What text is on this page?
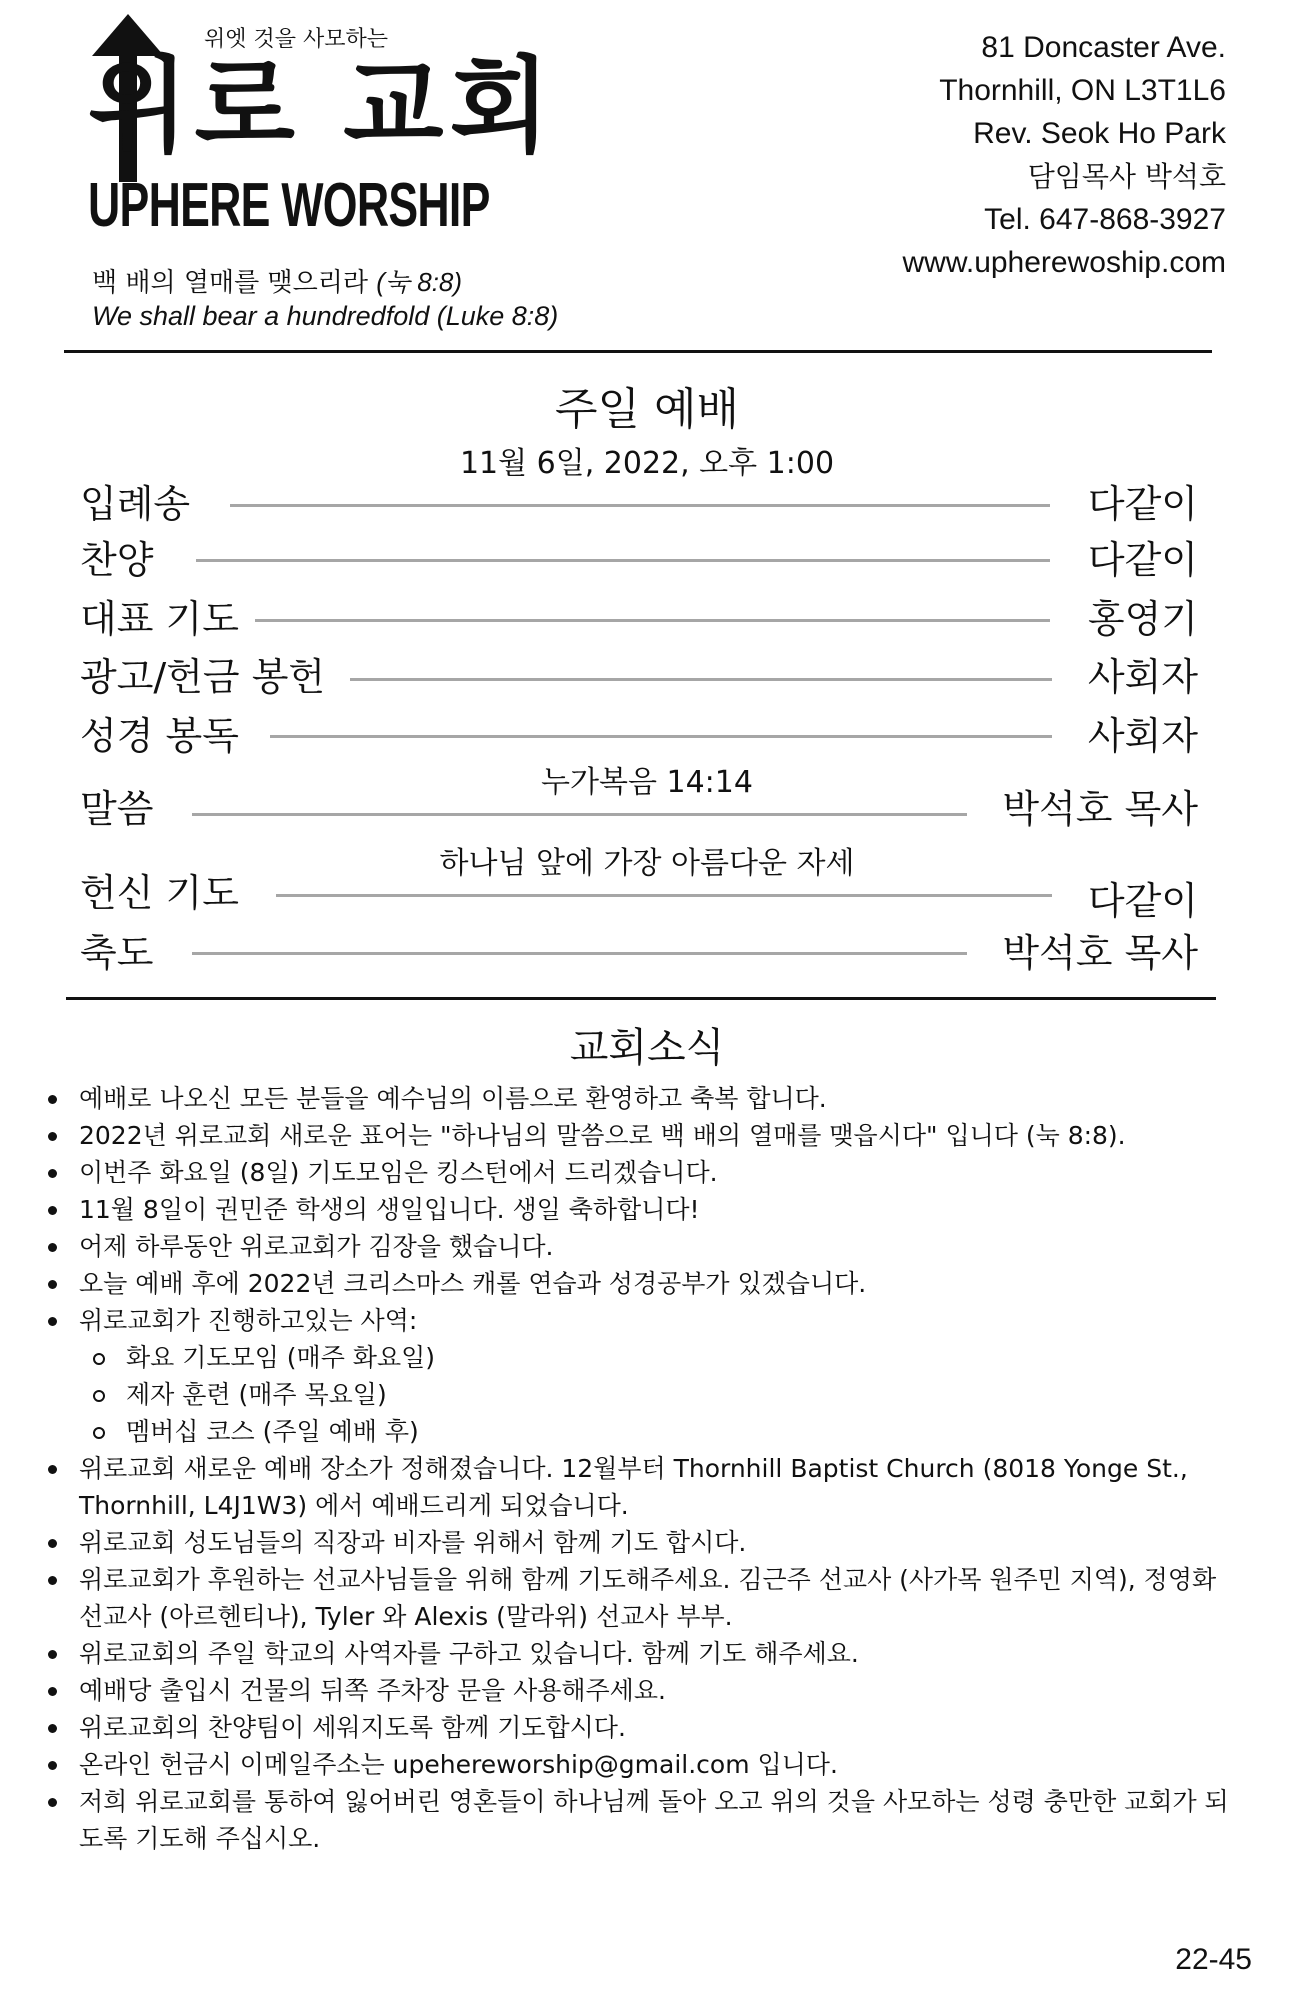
위엣 것을 사모하는
위로 교회
UPHERE WORSHIP
백 배의 열매를 맺으리라 (눅 8:8)
We shall bear a hundredfold (Luke 8:8)
81 Doncaster Ave.
Thornhill, ON L3T1L6
Rev. Seok Ho Park
담임목사 박석호
Tel. 647-868-3927
www.upherewoship.com
주일 예배
11월 6일, 2022, 오후 1:00
입례송	다같이
찬양	다같이
대표 기도	홍영기
광고/헌금 봉헌	사회자
성경 봉독	사회자
누가복음 14:14
말씀	박석호 목사
하나님 앞에 가장 아름다운 자세
헌신 기도	다같이
축도	박석호 목사
교회소식
예배로 나오신 모든 분들을 예수님의 이름으로 환영하고 축복 합니다.
2022년 위로교회 새로운 표어는 "하나님의 말씀으로 백 배의 열매를 맺읍시다" 입니다 (눅 8:8).
이번주 화요일 (8일) 기도모임은 킹스턴에서 드리겠습니다.
11월 8일이 권민준 학생의 생일입니다. 생일 축하합니다!
어제 하루동안 위로교회가 김장을 했습니다.
오늘 예배 후에 2022년 크리스마스 캐롤 연습과 성경공부가 있겠습니다.
위로교회가 진행하고있는 사역:
화요 기도모임 (매주 화요일)
제자 훈련 (매주 목요일)
멤버십 코스 (주일 예배 후)
위로교회 새로운 예배 장소가 정해졌습니다. 12월부터 Thornhill Baptist Church (8018 Yonge St., Thornhill, L4J1W3) 에서 예배드리게 되었습니다.
위로교회 성도님들의 직장과 비자를 위해서 함께 기도 합시다.
위로교회가 후원하는 선교사님들을 위해 함께 기도해주세요. 김근주 선교사 (사가목 원주민 지역), 정영화 선교사 (아르헨티나), Tyler 와 Alexis (말라위) 선교사 부부.
위로교회의 주일 학교의 사역자를 구하고 있습니다. 함께 기도 해주세요.
예배당 출입시 건물의 뒤쪽 주차장 문을 사용해주세요.
위로교회의 찬양팀이 세워지도록 함께 기도합시다.
온라인 헌금시 이메일주소는 upehereworship@gmail.com 입니다.
저희 위로교회를 통하여 잃어버린 영혼들이 하나님께 돌아 오고 위의 것을 사모하는 성령 충만한 교회가 되도록 기도해 주십시오.
22-45
